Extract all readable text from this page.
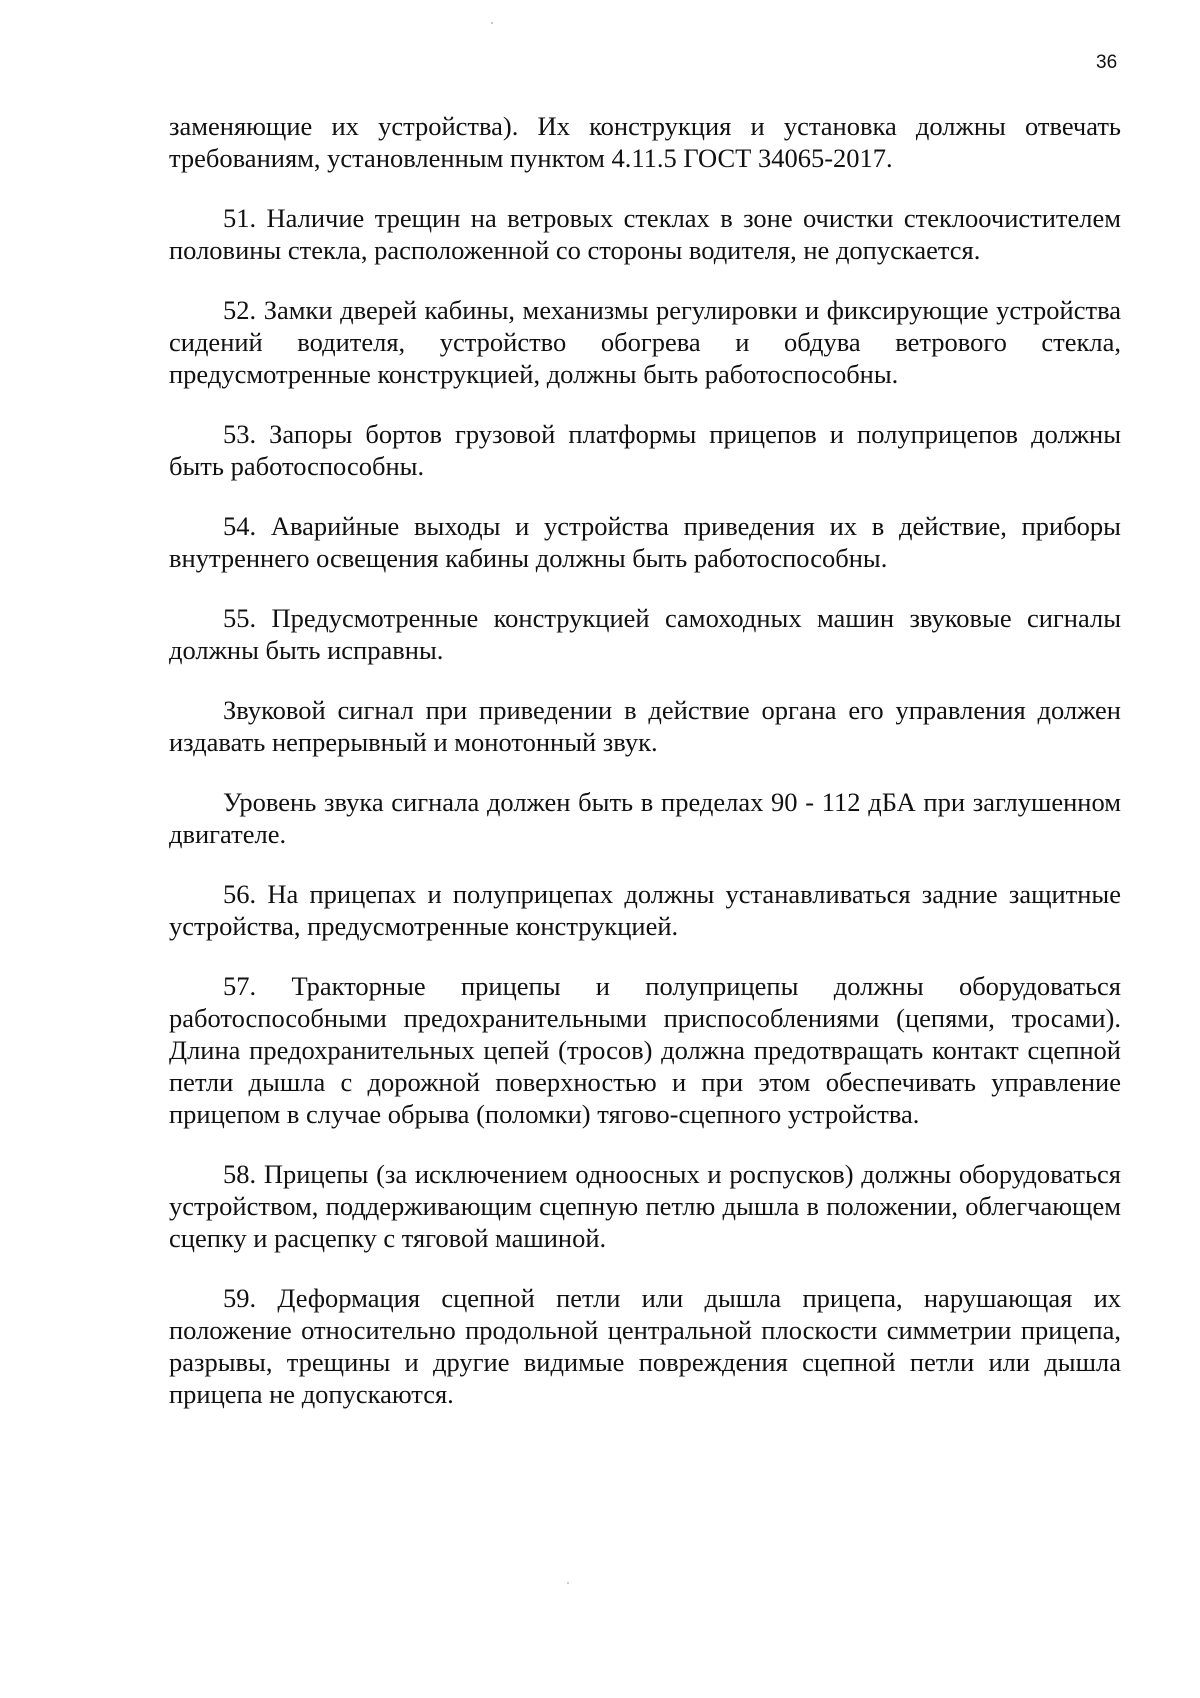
36

заменяющие их устройства). Их конструкция и установка должны отвечать требованиям, установленным пунктом 4.11.5 ГОСТ 34065-2017.

51. Наличие трещин на ветровых стеклах в зоне очистки стеклоочистителем половины стекла, расположенной со стороны водителя, не допускается.

52. Замки дверей кабины, механизмы регулировки и фиксирующие устройства сидений водителя, устройство обогрева и обдува ветрового стекла, предусмотренные конструкцией, должны быть работоспособны.

53. Запоры бортов грузовой платформы прицепов и полуприцепов должны быть работоспособны.

54. Аварийные выходы и устройства приведения их в действие, приборы внутреннего освещения кабины должны быть работоспособны.

55. Предусмотренные конструкцией самоходных машин звуковые сигналы должны быть исправны.

Звуковой сигнал при приведении в действие органа его управления должен издавать непрерывный и монотонный звук.

Уровень звука сигнала должен быть в пределах 90 - 112 дБА при заглушенном двигателе.

56. На прицепах и полуприцепах должны устанавливаться задние защитные устройства, предусмотренные конструкцией.

57. Тракторные прицепы и полуприцепы должны оборудоваться работоспособными предохранительными приспособлениями (цепями, тросами). Длина предохранительных цепей (тросов) должна предотвращать контакт сцепной петли дышла с дорожной поверхностью и при этом обеспечивать управление прицепом в случае обрыва (поломки) тягово-сцепного устройства.

58. Прицепы (за исключением одноосных и роспусков) должны оборудоваться устройством, поддерживающим сцепную петлю дышла в положении, облегчающем сцепку и расцепку с тяговой машиной.

59. Деформация сцепной петли или дышла прицепа, нарушающая их положение относительно продольной центральной плоскости симметрии прицепа, разрывы, трещины и другие видимые повреждения сцепной петли или дышла прицепа не допускаются.
